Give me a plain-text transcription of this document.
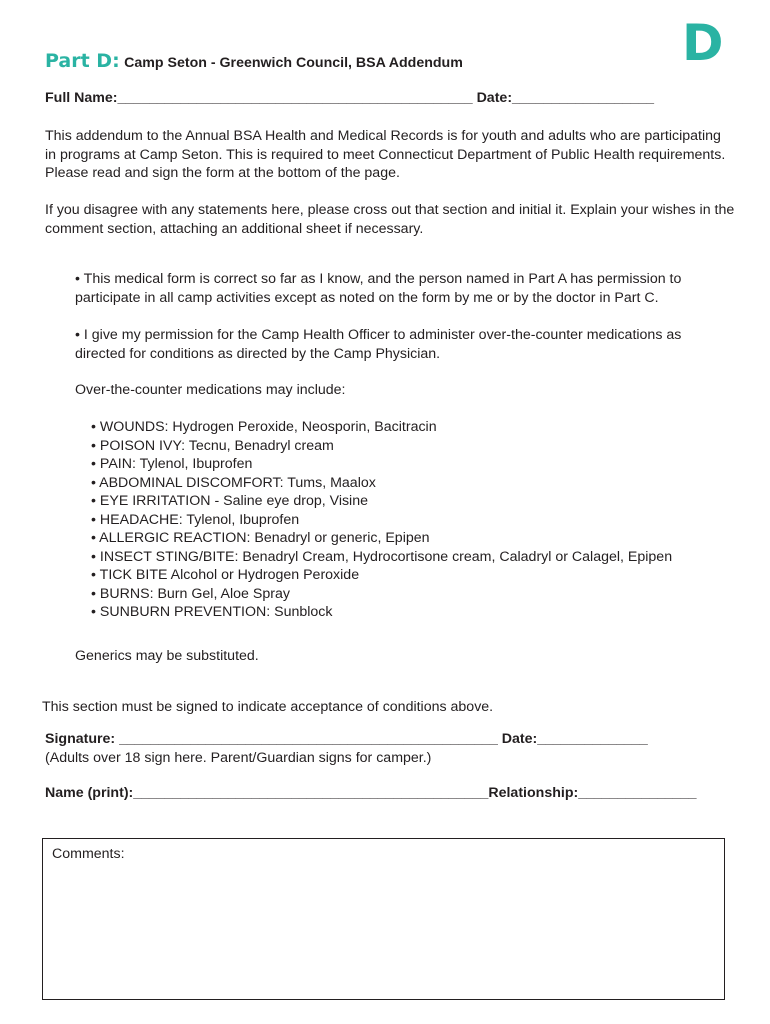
D
Part D: Camp Seton - Greenwich Council, BSA Addendum
Full Name:_____________________________________________ Date:__________________
This addendum to the Annual BSA Health and Medical Records is for youth and adults who are participating in programs at Camp Seton. This is required to meet Connecticut Department of Public Health requirements. Please read and sign the form at the bottom of the page.
If you disagree with any statements here, please cross out that section and initial it. Explain your wishes in the comment section, attaching an additional sheet if necessary.
• This medical form is correct so far as I know, and the person named in Part A has permission to participate in all camp activities except as noted on the form by me or by the doctor in Part C.
• I give my permission for the Camp Health Officer to administer over-the-counter medications as directed for conditions as directed by the Camp Physician.
Over-the-counter medications may include:
• WOUNDS: Hydrogen Peroxide, Neosporin, Bacitracin
• POISON IVY: Tecnu, Benadryl cream
• PAIN: Tylenol, Ibuprofen
• ABDOMINAL DISCOMFORT: Tums, Maalox
• EYE IRRITATION - Saline eye drop, Visine
• HEADACHE: Tylenol, Ibuprofen
• ALLERGIC REACTION: Benadryl or generic, Epipen
• INSECT STING/BITE: Benadryl Cream, Hydrocortisone cream, Caladryl or Calagel, Epipen
• TICK BITE Alcohol or Hydrogen Peroxide
• BURNS: Burn Gel, Aloe Spray
• SUNBURN PREVENTION: Sunblock
Generics may be substituted.
This section must be signed to indicate acceptance of conditions above.
Signature: ________________________________________________ Date:______________
(Adults over 18 sign here. Parent/Guardian signs for camper.)
Name (print):_____________________________________________Relationship:_______________
Comments:
